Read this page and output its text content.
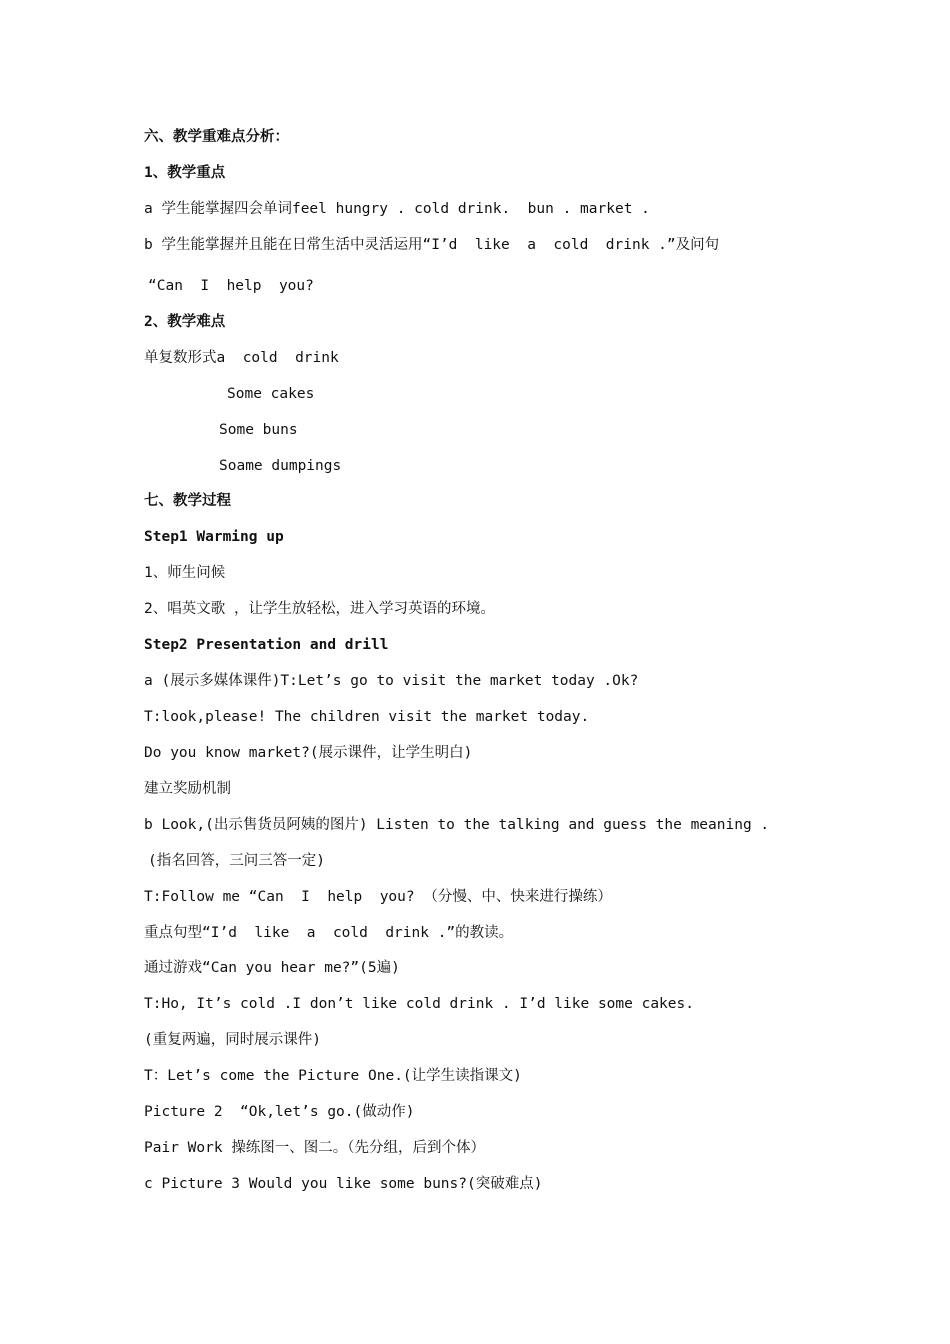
六、教学重难点分析：
1、教学重点
a 学生能掌握四会单词feel hungry . cold drink.  bun . market .
b 学生能掌握并且能在日常生活中灵活运用“I’d  like  a  cold  drink .”及问句
“Can  I  help  you?
2、教学难点
单复数形式a  cold  drink
Some cakes
Some buns
Soame dumpings
七、教学过程
Step1 Warming up
1、师生问候
2、唱英文歌 ，让学生放轻松，进入学习英语的环境。
Step2 Presentation and drill
a (展示多媒体课件)T:Let’s go to visit the market today .Ok?
T:look,please! The children visit the market today.
Do you know market?(展示课件，让学生明白)
建立奖励机制
b Look,(出示售货员阿姨的图片) Listen to the talking and guess the meaning .
(指名回答，三问三答一定)
T:Follow me “Can  I  help  you? （分慢、中、快来进行操练）
重点句型“I’d  like  a  cold  drink .”的教读。
通过游戏“Can you hear me?”(5遍)
T:Ho, It’s cold .I don’t like cold drink . I’d like some cakes.
(重复两遍，同时展示课件)
T：Let’s come the Picture One.(让学生读指课文)
Picture 2  “Ok,let’s go.(做动作)
Pair Work 操练图一、图二。（先分组，后到个体）
c Picture 3 Would you like some buns?(突破难点)
